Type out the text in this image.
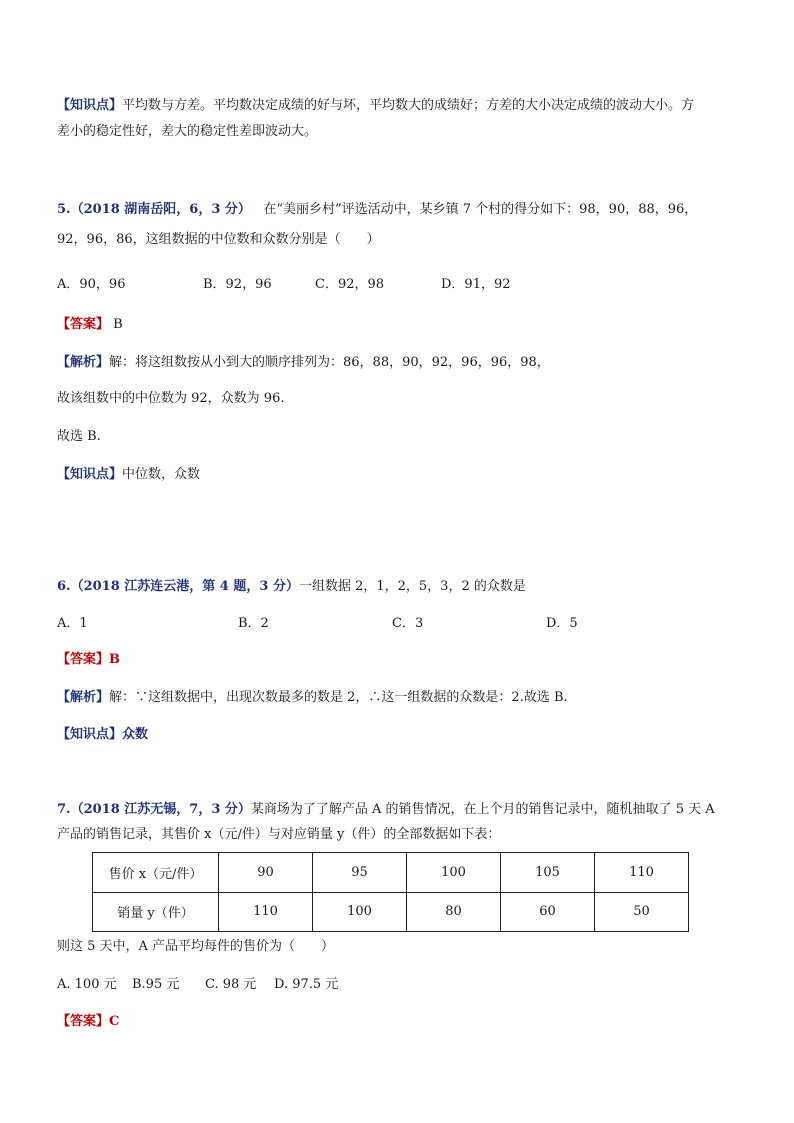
【知识点】平均数与方差。平均数决定成绩的好与坏，平均数大的成绩好；方差的大小决定成绩的波动大小。方
差小的稳定性好，差大的稳定性差即波动大。
5.（2018 湖南岳阳，6，3 分） 在“美丽乡村”评选活动中，某乡镇 7 个村的得分如下：98，90，88，96，
92，96，86，这组数据的中位数和众数分别是（　　）
A．90，96	B．92，96	C．92，98	D．91，92
【答案】 B
【解析】解：将这组数按从小到大的顺序排列为：86，88，90，92，96，96，98，
故该组数中的中位数为 92，众数为 96.
故选 B.
【知识点】中位数，众数
6.（2018 江苏连云港，第 4 题，3 分）一组数据 2，1，2，5，3，2 的众数是
A．1	B．2	C．3	D．5
【答案】B
【解析】解：∵这组数据中，出现次数最多的数是 2，∴这一组数据的众数是：2.故选 B.
【知识点】众数
7.（2018 江苏无锡，7，3 分）某商场为了了解产品 A 的销售情况，在上个月的销售记录中，随机抽取了 5 天 A
产品的销售记录，其售价 x（元/件）与对应销量 y（件）的全部数据如下表：
售价 x（元/件）	90	95	100	105	110
销量 y（件）	110	100	80	60	50
则这 5 天中，A 产品平均每件的售价为（　　）
A. 100 元 B.95 元 C. 98 元 D. 97.5 元
【答案】C
